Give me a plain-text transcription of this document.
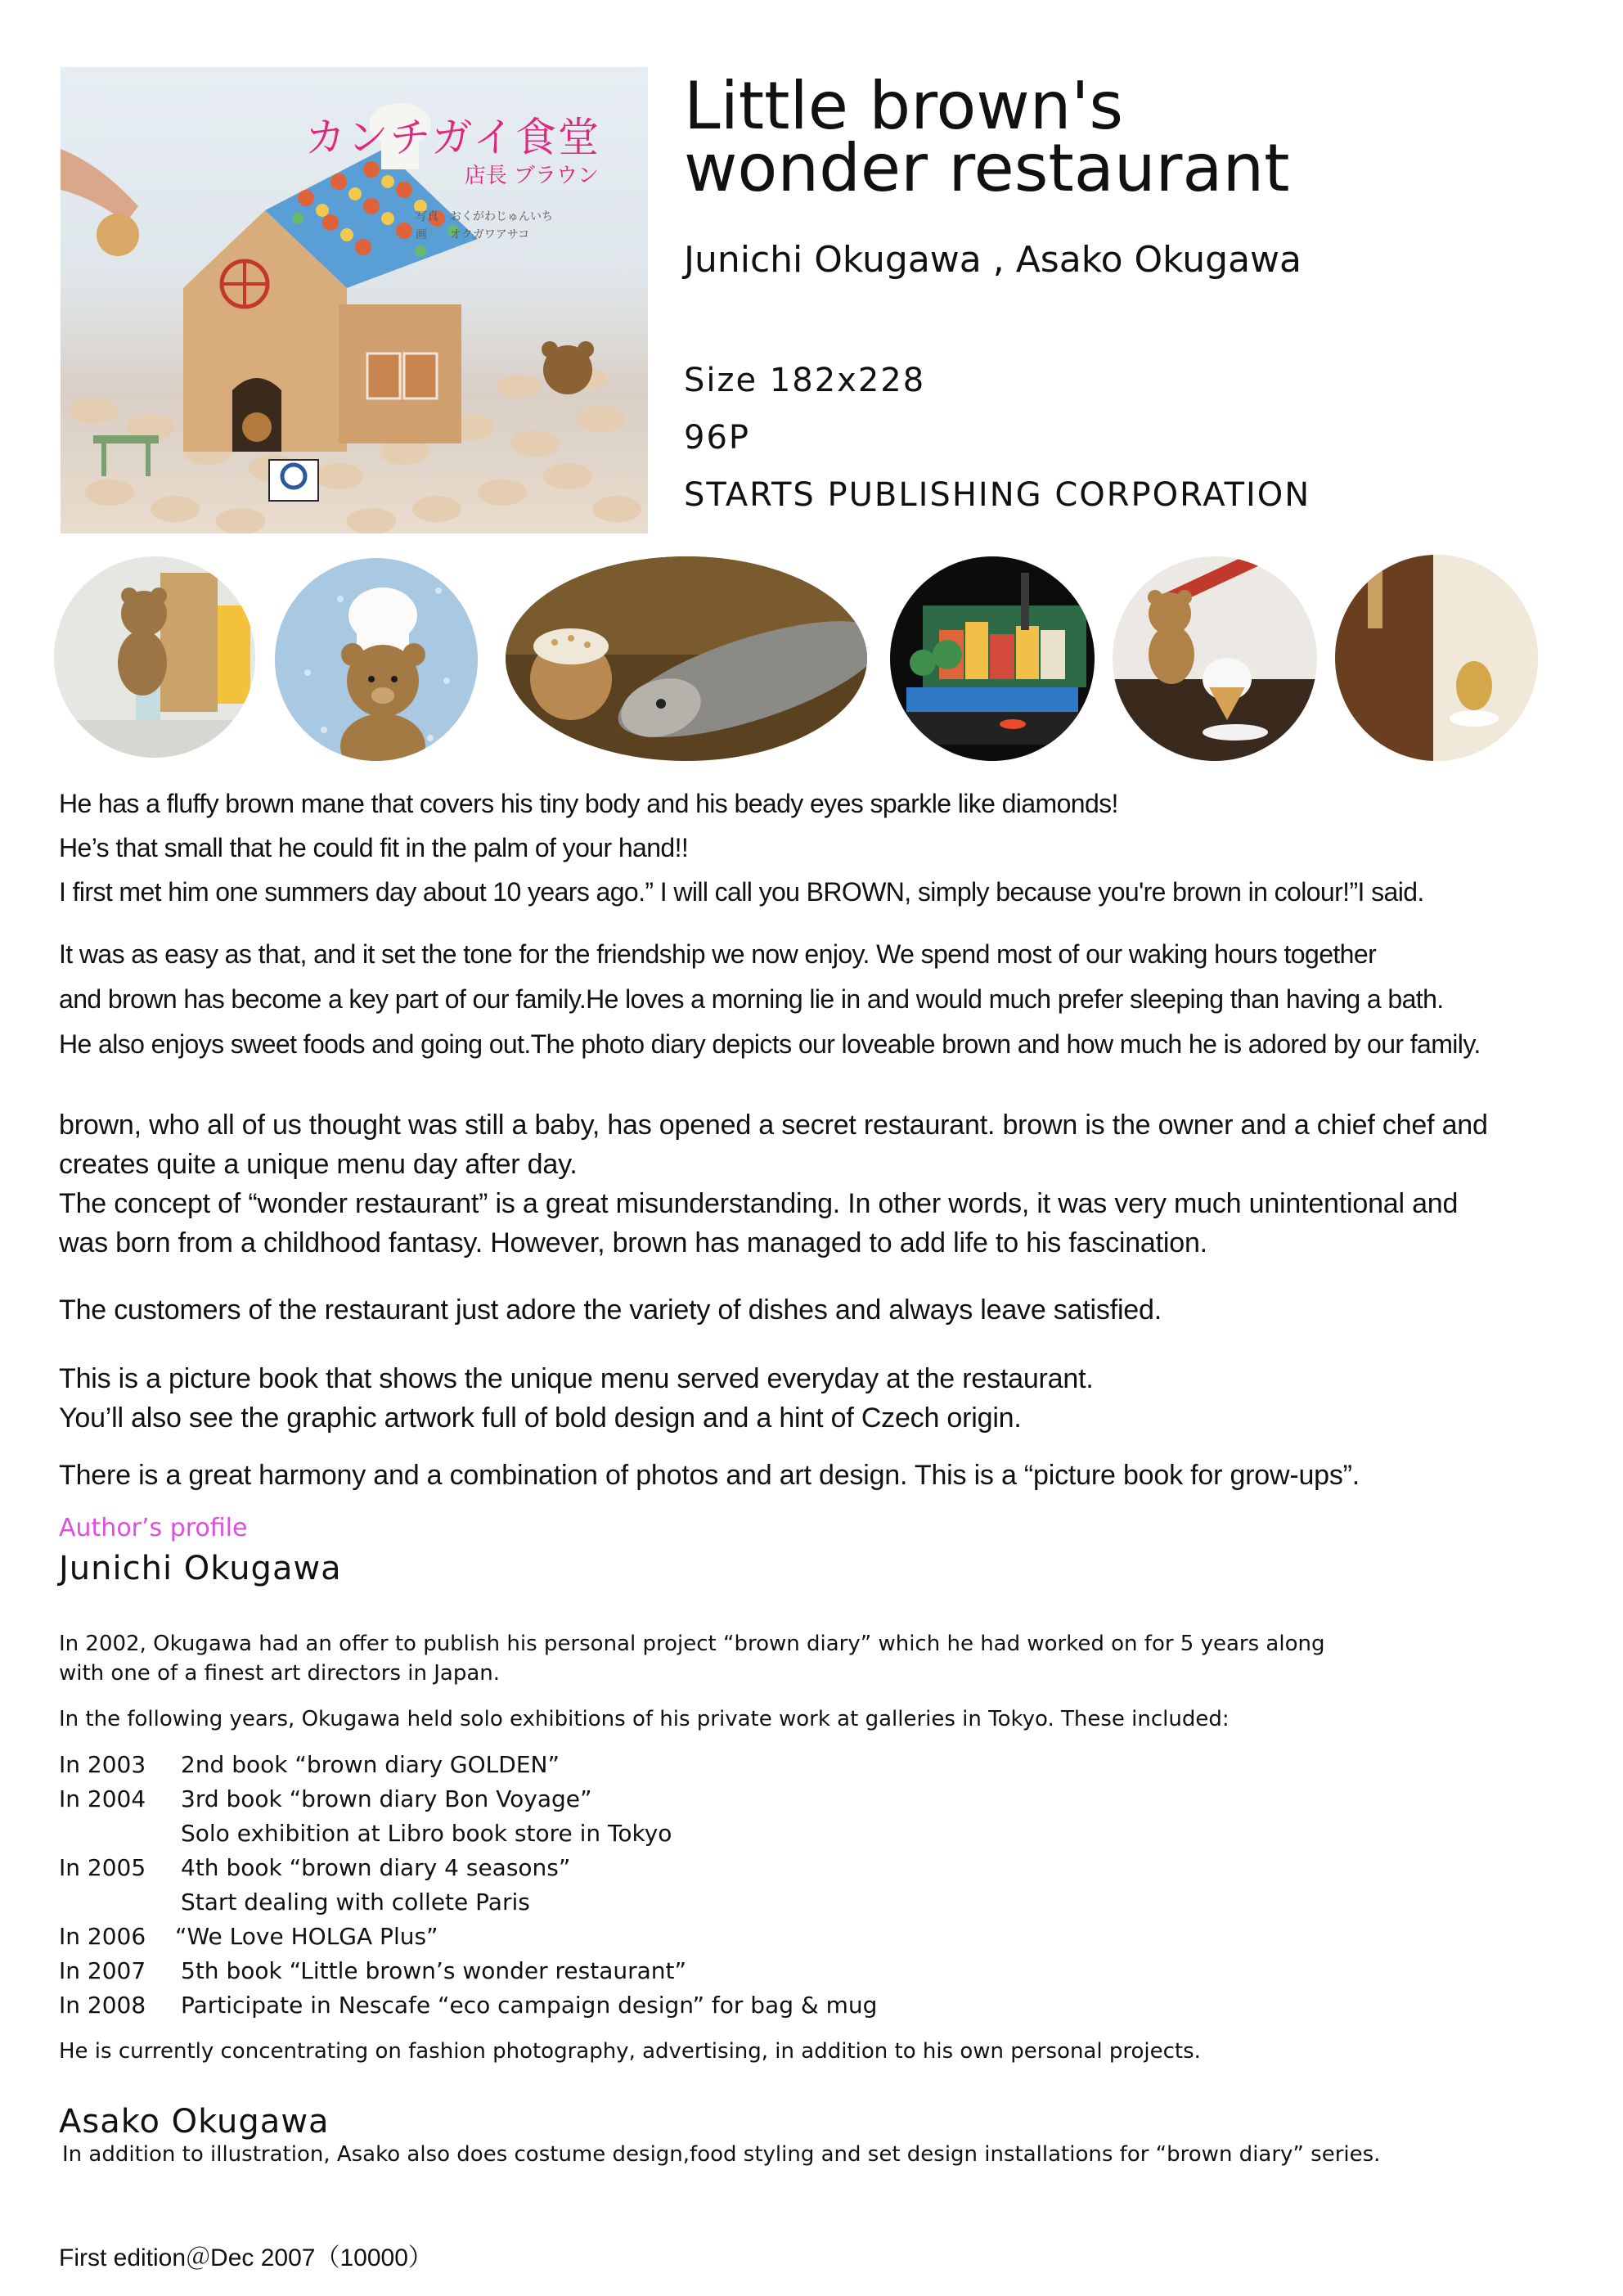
カンチガイ食堂
店長 ブラウン
写真　おくがわじゅんいち
画　　オクガワアサコ
Little brown's
wonder restaurant
Junichi Okugawa , Asako Okugawa
Size 182x228
96P
STARTS PUBLISHING CORPORATION
He has a fluffy brown mane that covers his tiny body and his beady eyes sparkle like diamonds!
He’s that small that he could fit in the palm of your hand!!
I first met him one summers day about 10 years ago.” I will call you BROWN, simply because you're brown in colour!”I said.
It was as easy as that, and it set the tone for the friendship we now enjoy. We spend most of our waking hours together
and brown has become a key part of our family.He loves a morning lie in and would much prefer sleeping than having a bath.
He also enjoys sweet foods and going out.The photo diary depicts our loveable brown and how much he is adored by our family.
brown, who all of us thought was still a baby, has opened a secret restaurant. brown is the owner and a chief chef and
creates quite a unique menu day after day.
The concept of “wonder restaurant” is a great misunderstanding. In other words, it was very much unintentional and
was born from a childhood fantasy. However, brown has managed to add life to his fascination.
The customers of the restaurant just adore the variety of dishes and always leave satisfied.
This is a picture book that shows the unique menu served everyday at the restaurant.
You’ll also see the graphic artwork full of bold design and a hint of Czech origin.
There is a great harmony and a combination of photos and art design. This is a “picture book for grow-ups”.
Author’s profile
Junichi Okugawa
In 2002, Okugawa had an offer to publish his personal project “brown diary” which he had worked on for 5 years along
with one of a finest art directors in Japan.
In the following years, Okugawa held solo exhibitions of his private work at galleries in Tokyo. These included:
In 2003 2nd book “brown diary GOLDEN”
In 2004 3rd book “brown diary Bon Voyage”
Solo exhibition at Libro book store in Tokyo
In 2005 4th book “brown diary 4 seasons”
Start dealing with collete Paris
In 2006 “We Love HOLGA Plus”
In 2007 5th book “Little brown’s wonder restaurant”
In 2008 Participate in Nescafe “eco campaign design” for bag & mug
He is currently concentrating on fashion photography, advertising, in addition to his own personal projects.
Asako Okugawa
In addition to illustration, Asako also does costume design,food styling and set design installations for “brown diary” series.
First edition＠Dec 2007（10000）
